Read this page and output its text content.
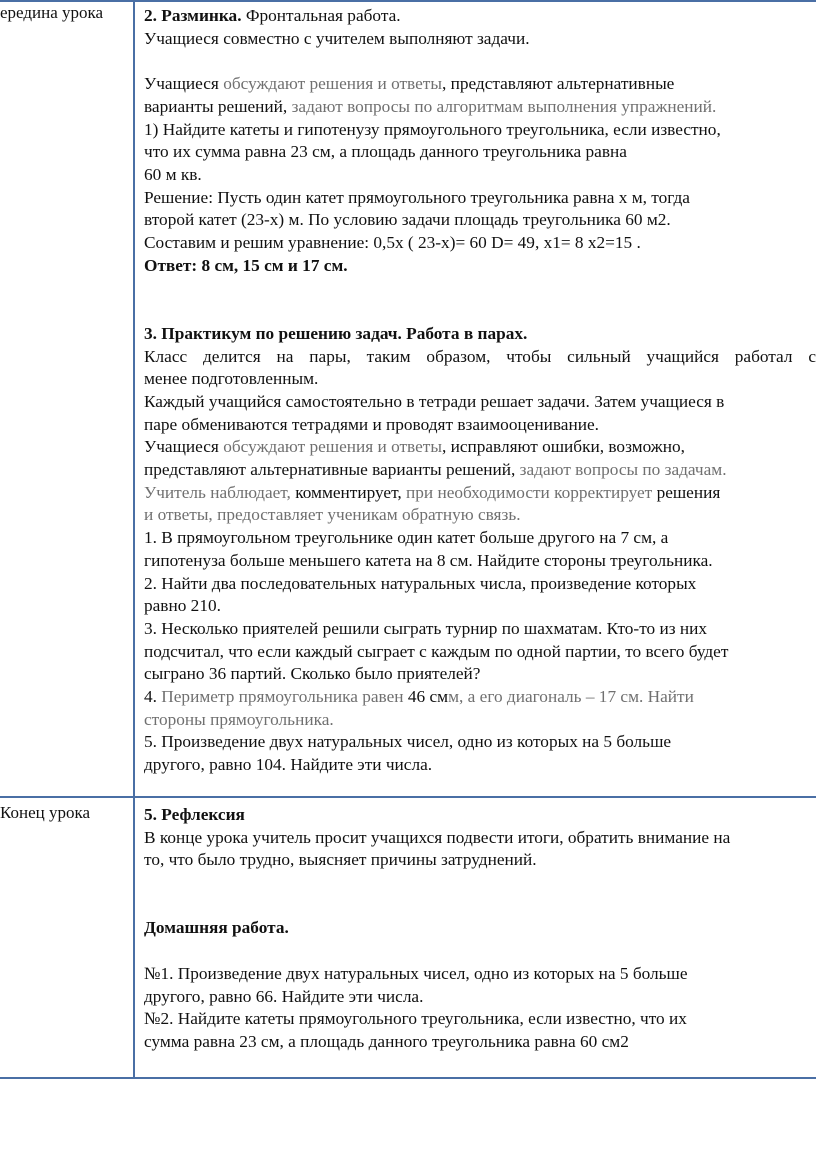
ередина урока	2. Разминка. Фронтальная работа.

Учащиеся совместно с учителем выполняют задачи.

Учащиеся обсуждают решения и ответы, представляют альтернативные

варианты решений, задают вопросы по алгоритмам выполнения упражнений.

1) Найдите катеты и гипотенузу прямоугольного треугольника, если известно,

что их сумма равна 23 см, а площадь данного треугольника равна

60 м кв.

Решение: Пусть один катет прямоугольного треугольника равна х м, тогда

второй катет (23-х) м. По условию задачи площадь треугольника 60 м2.

Составим и решим уравнение: 0,5х ( 23-х)= 60 D= 49, х1= 8 х2=15 .

Ответ: 8 см, 15 см и 17 см.

3. Практикум по решению задач. Работа в парах.

Класс делится на пары, таким образом, чтобы сильный учащийся работал с

менее подготовленным.

Каждый учащийся самостоятельно в тетради решает задачи. Затем учащиеся в

паре обмениваются тетрадями и проводят взаимооценивание.

Учащиеся обсуждают решения и ответы, исправляют ошибки, возможно,

представляют альтернативные варианты решений, задают вопросы по задачам.

Учитель наблюдает, комментирует, при необходимости корректирует решения

и ответы, предоставляет ученикам обратную связь.

1. В прямоугольном треугольнике один катет больше другого на 7 см, а

гипотенуза больше меньшего катета на 8 см. Найдите стороны треугольника.

2. Найти два последовательных натуральных числа, произведение которых

равно 210.

3. Несколько приятелей решили сыграть турнир по шахматам. Кто-то из них

подсчитал, что если каждый сыграет с каждым по одной партии, то всего будет

сыграно 36 партий. Сколько было приятелей?

4. Периметр прямоугольника равен 46 смм, а его диагональ – 17 см. Найти

стороны прямоугольника.

5. Произведение двух натуральных чисел, одно из которых на 5 больше

другого, равно 104. Найдите эти числа.

Конец урока	5. Рефлексия

В конце урока учитель просит учащихся подвести итоги, обратить внимание на

то, что было трудно, выясняет причины затруднений.

Домашняя работа.

№1. Произведение двух натуральных чисел, одно из которых на 5 больше

другого, равно 66. Найдите эти числа.

№2. Найдите катеты прямоугольного треугольника, если известно, что их

сумма равна 23 см, а площадь данного треугольника равна 60 см2
